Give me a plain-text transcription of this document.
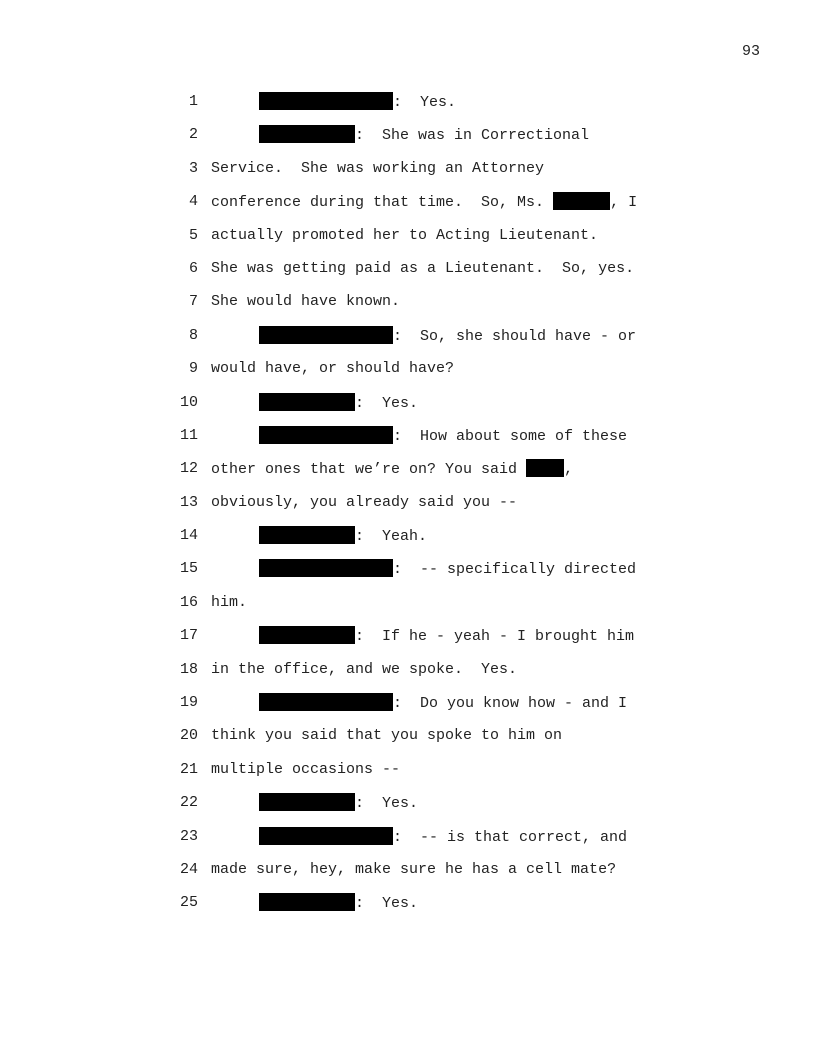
93
1	:  Yes.
2	:  She was in Correctional
3 Service.  She was working an Attorney
4 conference during that time.  So, Ms.	, I
5 actually promoted her to Acting Lieutenant.
6 She was getting paid as a Lieutenant.  So, yes.
7 She would have known.
8	:  So, she should have - or
9 would have, or should have?
10	:  Yes.
11	:  How about some of these
12 other ones that we’re on? You said	,
13 obviously, you already said you --
14	:  Yeah.
15	:  -- specifically directed
16 him.
17	:  If he - yeah - I brought him
18 in the office, and we spoke.  Yes.
19	:  Do you know how - and I
20 think you said that you spoke to him on
21 multiple occasions --
22	:  Yes.
23	:  -- is that correct, and
24 made sure, hey, make sure he has a cell mate?
25	:  Yes.
